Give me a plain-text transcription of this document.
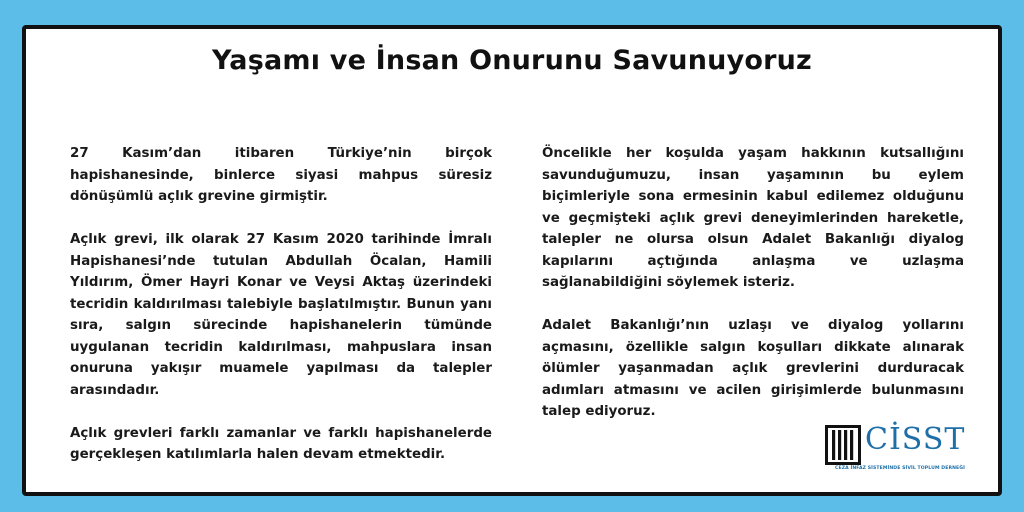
Yaşamı ve İnsan Onurunu Savunuyoruz

27 Kasım’dan itibaren Türkiye’nin birçok hapishanesinde, binlerce siyasi mahpus süresiz dönüşümlü açlık grevine girmiştir.

Açlık grevi, ilk olarak 27 Kasım 2020 tarihinde İmralı Hapishanesi’nde tutulan Abdullah Öcalan, Hamili Yıldırım, Ömer Hayri Konar ve Veysi Aktaş üzerindeki tecridin kaldırılması talebiyle başlatılmıştır. Bunun yanı sıra, salgın sürecinde hapishanelerin tümünde uygulanan tecridin kaldırılması, mahpuslara insan onuruna yakışır muamele yapılması da talepler arasındadır.

Açlık grevleri farklı zamanlar ve farklı hapishanelerde gerçekleşen katılımlarla halen devam etmektedir.

Öncelikle her koşulda yaşam hakkının kutsallığını savunduğumuzu, insan yaşamının bu eylem biçimleriyle sona ermesinin kabul edilemez olduğunu ve geçmişteki açlık grevi deneyimlerinden hareketle, talepler ne olursa olsun Adalet Bakanlığı diyalog kapılarını açtığında anlaşma ve uzlaşma sağlanabildiğini söylemek isteriz.

Adalet Bakanlığı’nın uzlaşı ve diyalog yollarını açmasını, özellikle salgın koşulları dikkate alınarak ölümler yaşanmadan açlık grevlerini durduracak adımları atmasını ve acilen girişimlerde bulunmasını talep ediyoruz.

CİSST
CEZA İNFAZ SİSTEMİNDE SİVİL TOPLUM DERNEĞİ
